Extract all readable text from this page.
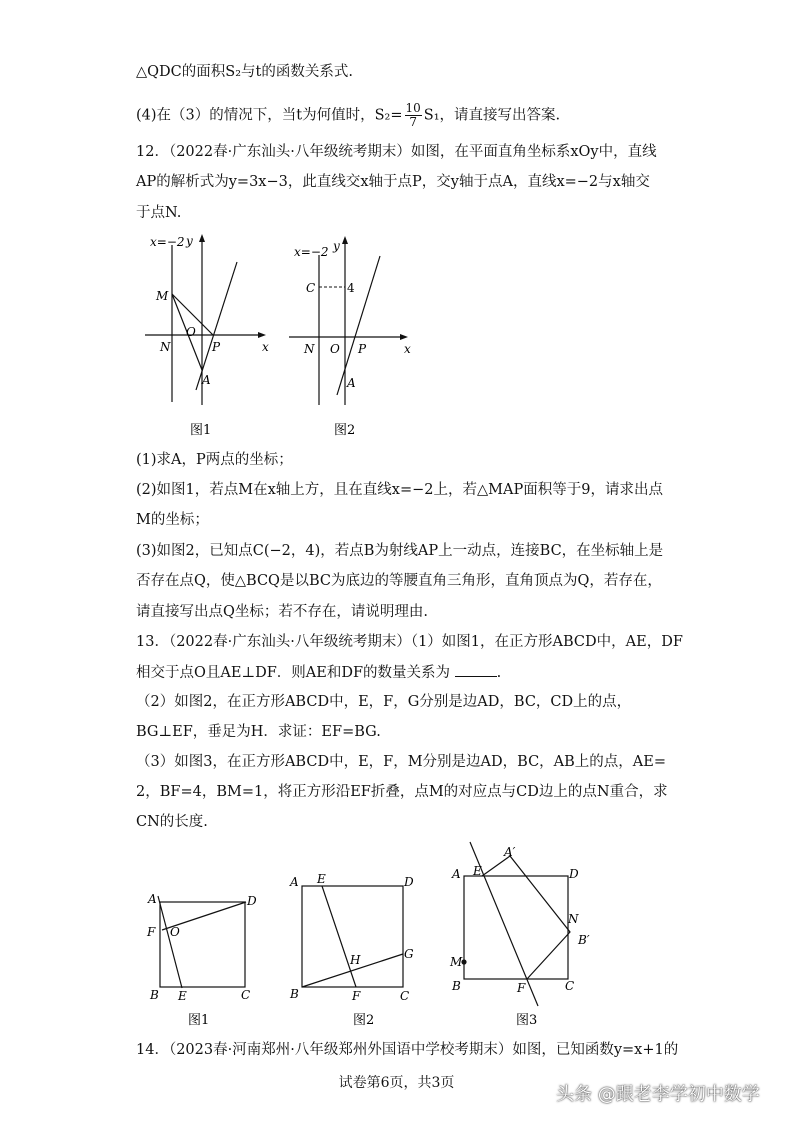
△QDC的面积S₂与t的函数关系式.
(4)在（3）的情况下，当t为何值时，$S_2= \frac{10}{7} S_1$，请直接写出答案.
12．（2022春·广东汕头·八年级统考期末）如图，在平面直角坐标系xOy中，直线
AP的解析式为y=3x−3，此直线交x轴于点P，交y轴于点A，直线x=−2与x轴交
于点N.
x=−2 y
M
O
N	P	x
A
图1
x=−2 y
C	4
N O P	x
A
图2
(1)求A，P两点的坐标；
(2)如图1，若点M在x轴上方，且在直线x=−2上，若△MAP面积等于9，请求出点
M的坐标；
(3)如图2，已知点C(−2，4)，若点B为射线AP上一动点，连接BC，在坐标轴上是
否存在点Q，使△BCQ是以BC为底边的等腰直角三角形，直角顶点为Q，若存在，
请直接写出点Q坐标；若不存在，请说明理由.
13．（2022春·广东汕头·八年级统考期末）（1）如图1，在正方形ABCD中，AE，DF
相交于点O且AE⊥DF．则AE和DF的数量关系为	.
（2）如图2，在正方形ABCD中，E，F，G分别是边AD，BC，CD上的点，
BG⊥EF，垂足为H．求证：EF=BG.
（3）如图3，在正方形ABCD中，E，F，M分别是边AD，BC，AB上的点，AE=
2，BF=4，BM=1，将正方形沿EF折叠，点M的对应点与CD边上的点N重合，求
CN的长度.
A	D
F O
B E	C
图1
A E	D
G
H
B	F	C
图2
A′
A E	D
N
B′
M
B	F	C
图3
14．（2023春·河南郑州·八年级郑州外国语中学校考期末）如图，已知函数y=x+1的
试卷第6页，共3页
头条 @跟老李学初中数学
